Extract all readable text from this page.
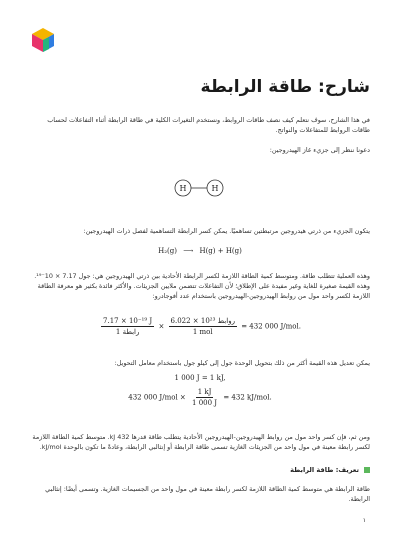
شارح: طاقة الرابطة

في هذا الشارح، سوف نتعلم كيف نصف طاقات الروابط، ونستخدم التغيرات الكلية في طاقة الرابطة أثناء التفاعلات لحساب طاقات الروابط للمتفاعلات والنواتج.

دعونا ننظر إلى جزيء غاز الهيدروجين:

H	H

يتكون الجزيء من ذرتي هيدروجين مرتبطتين تساهميًا. يمكن كسر الرابطة التساهمية لفصل ذرات الهيدروجين:

H₂(g) ⟶ H(g) + H(g)

وهذه العملية تتطلب طاقة. ومتوسط كمية الطاقة اللازمة لكسر الرابطة الأحادية بين ذرتي الهيدروجين هي: جول 7.17 × 10⁻¹⁹. وهذه القيمة صغيرة للغاية وغير مفيدة على الإطلاق؛ لأن التفاعلات تتضمن ملايين الجزيئات. والأكثر فائدة بكثير هو معرفة الطاقة اللازمة لكسر واحد مول من روابط الهيدروجين-الهيدروجين باستخدام عدد أفوجادرو:

$\frac{\text{7.17 × 10⁻¹⁹ J}}{\text{رابطة 1}} \times \frac{\text{6.022 × 10²³ روابط}}{\text{1 mol}} = 432$ 000 J/mol.

يمكن تعديل هذه القيمة أكثر من ذلك بتحويل الوحدة جول إلى كيلو جول باستخدام معامل التحويل:

1 000 J = 1 kJ,
432 000 $J/mol \times \frac{1 kJ}{1 000 J} = 432$ kJ/mol.

ومن ثم، فإن كسر واحد مول من روابط الهيدروجين-الهيدروجين الأحادية يتطلب طاقة قدرها 432 kJ. متوسط كمية الطاقة اللازمة لكسر رابطة معينة في مول واحد من الجزيئات الغازية تسمى طاقة الرابطة أو إنثالبي الرابطة، وعادةً ما تكون بالوحدة kJ/mol.

تعريف: طاقة الرابطة

طاقة الرابطة هي متوسط كمية الطاقة اللازمة لكسر رابطة معينة في مول واحد من الجسيمات الغازية. وتسمى أيضًا: إنثالبي الرابطة.

١
